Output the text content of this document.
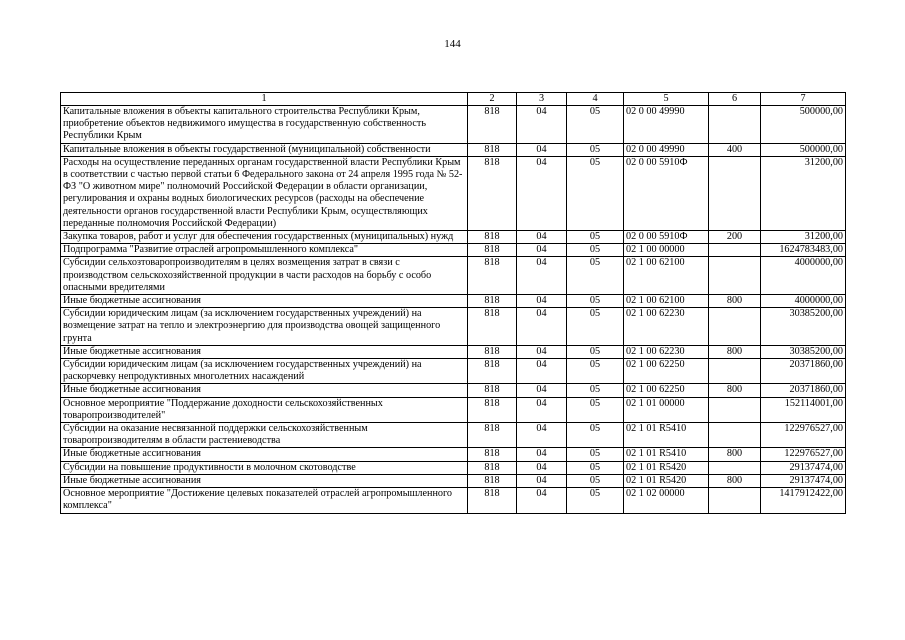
144
1	2	3	4	5	6	7
Капитальные вложения в объекты капитального строительства Республики Крым, приобретение объектов недвижимого имущества в государственную собственность Республики Крым	818	04	05	02 0 00 49990		500000,00
Капитальные вложения в объекты государственной (муниципальной) собственности	818	04	05	02 0 00 49990	400	500000,00
Расходы на осуществление переданных органам государственной власти Республики Крым в соответствии с частью первой статьи 6 Федерального закона от 24 апреля 1995 года № 52-ФЗ "О животном мире" полномочий Российской Федерации в области организации, регулирования и охраны водных биологических ресурсов (расходы на обеспечение деятельности органов государственной власти Республики Крым, осуществляющих переданные полномочия Российской Федерации)	818	04	05	02 0 00 5910Ф		31200,00
Закупка товаров, работ и услуг для обеспечения государственных (муниципальных) нужд	818	04	05	02 0 00 5910Ф	200	31200,00
Подпрограмма "Развитие отраслей агропромышленного комплекса"	818	04	05	02 1 00 00000		1624783483,00
Субсидии сельхозтоваропроизводителям в целях возмещения затрат в связи с производством сельскохозяйственной продукции в части расходов на борьбу с особо опасными вредителями	818	04	05	02 1 00 62100		4000000,00
Иные бюджетные ассигнования	818	04	05	02 1 00 62100	800	4000000,00
Субсидии юридическим лицам (за исключением государственных учреждений) на возмещение затрат на тепло и электроэнергию для производства овощей защищенного грунта	818	04	05	02 1 00 62230		30385200,00
Иные бюджетные ассигнования	818	04	05	02 1 00 62230	800	30385200,00
Субсидии юридическим лицам (за исключением государственных учреждений) на раскорчевку непродуктивных многолетних насаждений	818	04	05	02 1 00 62250		20371860,00
Иные бюджетные ассигнования	818	04	05	02 1 00 62250	800	20371860,00
Основное мероприятие "Поддержание доходности сельскохозяйственных товаропроизводителей"	818	04	05	02 1 01 00000		152114001,00
Субсидии на оказание несвязанной поддержки сельскохозяйственным товаропроизводителям в области растениеводства	818	04	05	02 1 01 R5410		122976527,00
Иные бюджетные ассигнования	818	04	05	02 1 01 R5410	800	122976527,00
Субсидии на повышение продуктивности в молочном скотоводстве	818	04	05	02 1 01 R5420		29137474,00
Иные бюджетные ассигнования	818	04	05	02 1 01 R5420	800	29137474,00
Основное мероприятие "Достижение целевых показателей отраслей агропромышленного комплекса"	818	04	05	02 1 02 00000		1417912422,00
